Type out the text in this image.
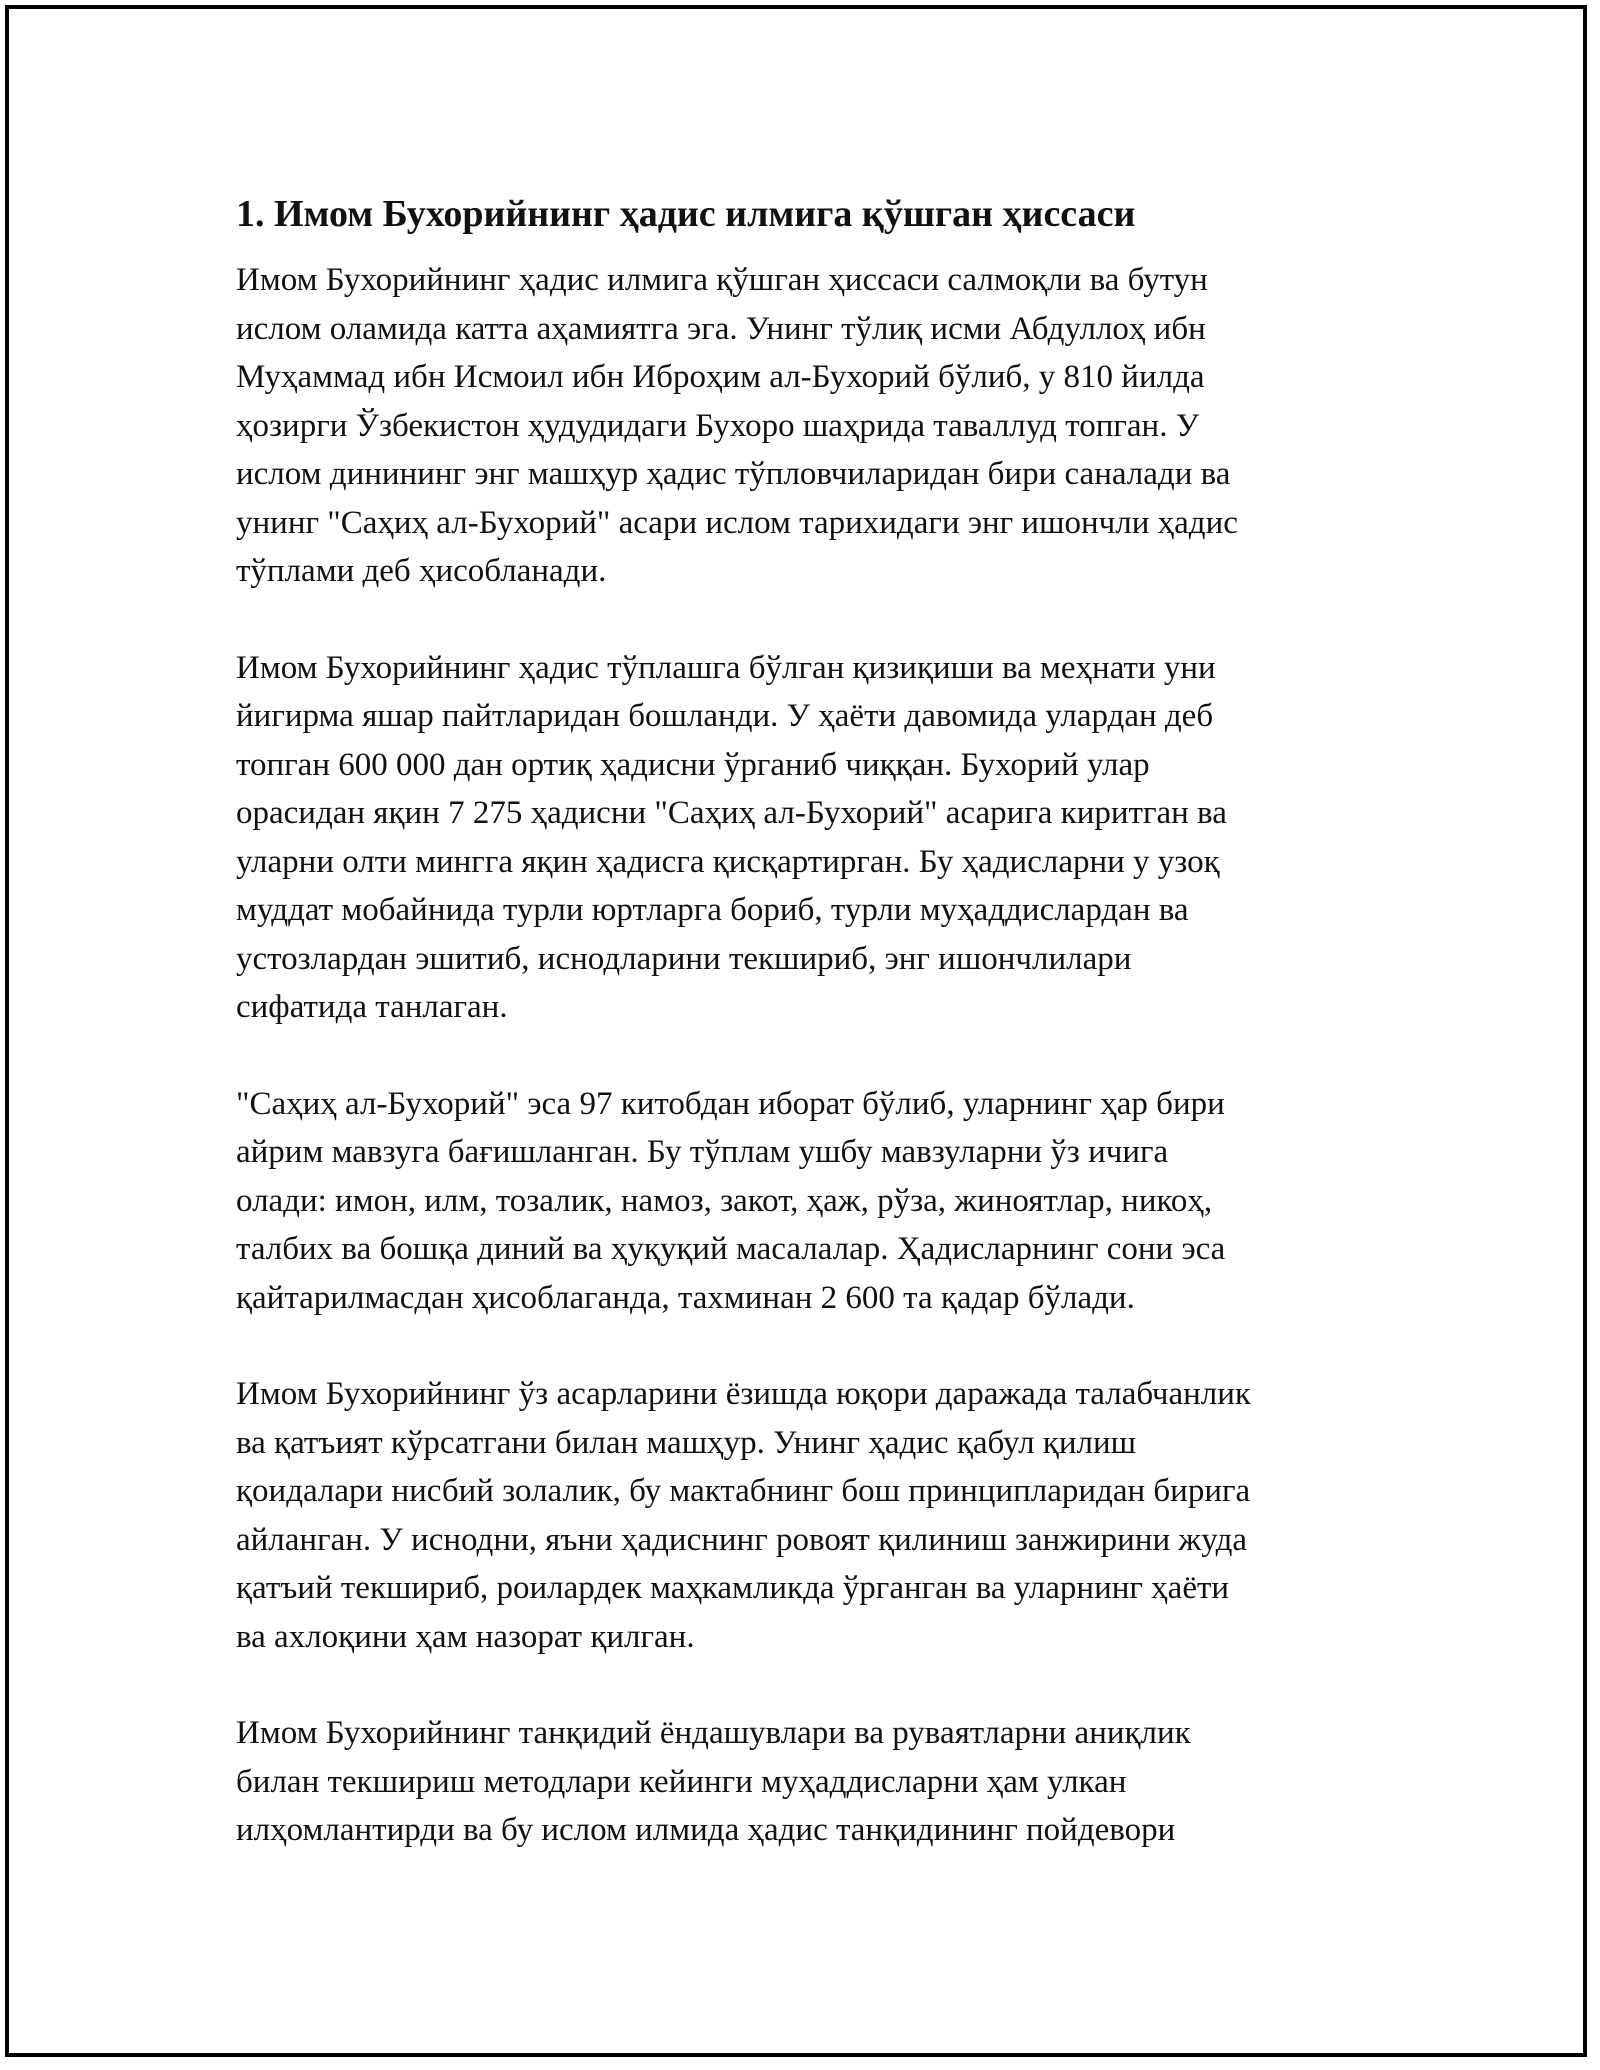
1. Имом Бухорийнинг ҳадис илмига қўшган ҳиссаси

Имом Бухорийнинг ҳадис илмига қўшган ҳиссаси салмоқли ва бутун
ислом оламида катта аҳамиятга эга. Унинг тўлиқ исми Абдуллоҳ ибн
Муҳаммад ибн Исмоил ибн Иброҳим ал-Бухорий бўлиб, у 810 йилда
ҳозирги Ўзбекистон ҳудудидаги Бухоро шаҳрида таваллуд топган. У
ислом динининг энг машҳур ҳадис тўпловчиларидан бири саналади ва
унинг "Саҳиҳ ал-Бухорий" асари ислом тарихидаги энг ишончли ҳадис
тўплами деб ҳисобланади.

Имом Бухорийнинг ҳадис тўплашга бўлган қизиқиши ва меҳнати уни
йигирма яшар пайтларидан бошланди. У ҳаёти давомида улардан деб
топган 600 000 дан ортиқ ҳадисни ўрганиб чиққан. Бухорий улар
орасидан яқин 7 275 ҳадисни "Саҳиҳ ал-Бухорий" асарига киритган ва
уларни олти мингга яқин ҳадисга қисқартирган. Бу ҳадисларни у узоқ
муддат мобайнида турли юртларга бориб, турли муҳаддислардан ва
устозлардан эшитиб, иснодларини текшириб, энг ишончлилари
сифатида танлаган.

"Саҳиҳ ал-Бухорий" эса 97 китобдан иборат бўлиб, уларнинг ҳар бири
айрим мавзуга бағишланган. Бу тўплам ушбу мавзуларни ўз ичига
олади: имон, илм, тозалик, намоз, закот, ҳаж, рўза, жиноятлар, никоҳ,
талбих ва бошқа диний ва ҳуқуқий масалалар. Ҳадисларнинг сони эса
қайтарилмасдан ҳисоблаганда, тахминан 2 600 та қадар бўлади.

Имом Бухорийнинг ўз асарларини ёзишда юқори даражада талабчанлик
ва қатъият кўрсатгани билан машҳур. Унинг ҳадис қабул қилиш
қоидалари нисбий золалик, бу мактабнинг бош принципларидан бирига
айланган. У иснодни, яъни ҳадиснинг ровоят қилиниш занжирини жуда
қатъий текшириб, роилардек маҳкамликда ўрганган ва уларнинг ҳаёти
ва ахлоқини ҳам назорат қилган.

Имом Бухорийнинг танқидий ёндашувлари ва руваятларни аниқлик
билан текшириш методлари кейинги муҳаддисларни ҳам улкан
илҳомлантирди ва бу ислом илмида ҳадис танқидининг пойдевори
